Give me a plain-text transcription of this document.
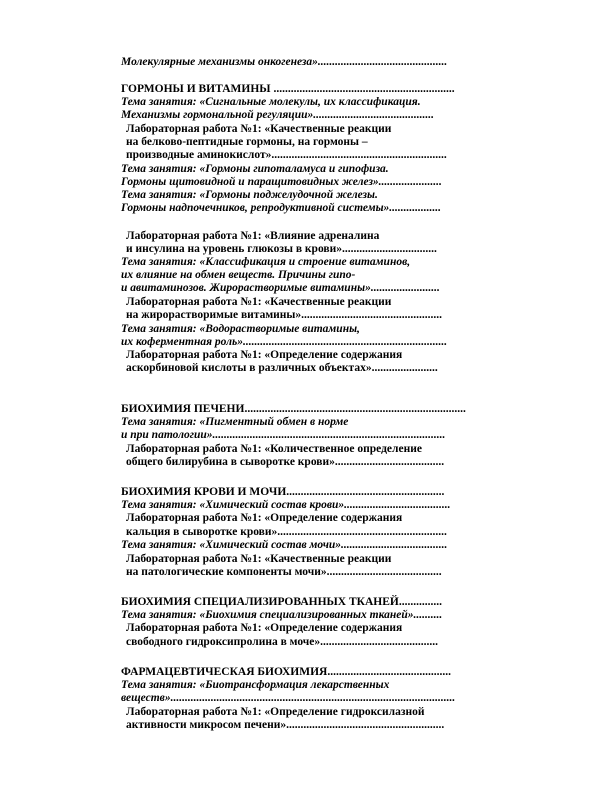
Молекулярные механизмы онкогенеза».............................................
ГОРМОНЫ И ВИТАМИНЫ ...............................................................
Тема занятия: «Сигнальные молекулы, их классификация.
Механизмы гормональной регуляции»..........................................
Лабораторная работа №1: «Качественные реакции
на белково-пептидные гормоны, на гормоны –
производные аминокислот».............................................................
Тема занятия: «Гормоны гипоталамуса и гипофиза.
Гормоны щитовидной и паращитовидных желез»......................
Тема занятия: «Гормоны поджелудочной железы.
Гормоны надпочечников, репродуктивной системы»..................
Лабораторная работа №1: «Влияние адреналина
и инсулина на уровень глюкозы в крови».................................
Тема занятия: «Классификация и строение витаминов,
их влияние на обмен веществ. Причины гипо-
и авитаминозов. Жирорастворимые витамины»........................
Лабораторная работа №1: «Качественные реакции
на жирорастворимые витамины».................................................
Тема занятия: «Водорастворимые витамины,
их коферментная роль».......................................................................
Лабораторная работа №1: «Определение содержания
аскорбиновой кислоты в различных объектах».......................
БИОХИМИЯ ПЕЧЕНИ.............................................................................
Тема занятия: «Пигментный обмен в норме
и при патологии».................................................................................
Лабораторная работа №1: «Количественное определение
общего билирубина в сыворотке крови»......................................
БИОХИМИЯ КРОВИ И МОЧИ.......................................................
Тема занятия: «Химический состав крови».....................................
Лабораторная работа №1: «Определение содержания
кальция в сыворотке крови»...........................................................
Тема занятия: «Химический состав мочи».....................................
Лабораторная работа №1: «Качественные реакции
на патологические компоненты мочи»........................................
БИОХИМИЯ СПЕЦИАЛИЗИРОВАННЫХ ТКАНЕЙ...............
Тема занятия: «Биохимия специализированных тканей»..........
Лабораторная работа №1: «Определение содержания
свободного гидроксипролина в моче».........................................
ФАРМАЦЕВТИЧЕСКАЯ БИОХИМИЯ...........................................
Тема занятия: «Биотрансформация лекарственных
веществ»...................................................................................................
Лабораторная работа №1: «Определение гидроксилазной
активности микросом печени».......................................................
